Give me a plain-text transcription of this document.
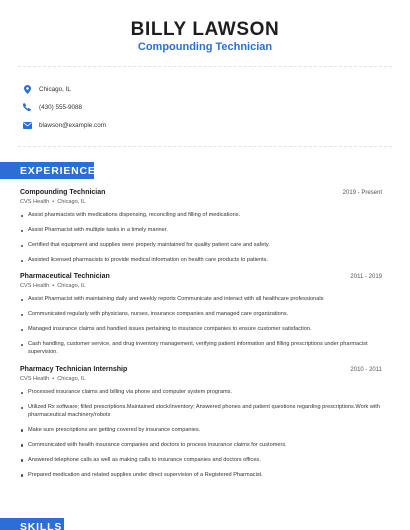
BILLY LAWSON
Compounding Technician
Chicago, IL
(430) 555-9088
blawson@example.com
EXPERIENCE
Compounding Technician	2019 - Present
CVS Health • Chicago, IL
Assist pharmacists with medications dispensing, reconciling and filling of medications.
Assist Pharmacist with multiple tasks in a timely manner.
Certified that equipment and supplies were properly maintained for quality patient care and safety.
Assisted licensed pharmacists to provide medical information on health care products to patients.
Pharmaceutical Technician	2011 - 2019
CVS Health • Chicago, IL
Assist Pharmacist with maintaining daily and weekly reports Communicate and interact with all healthcare professionals
Communicated regularly with physicians, nurses, insurance companies and managed care organizations.
Managed insurance claims and handled issues pertaining to insurance companies to ensure customer satisfaction.
Cash handling, customer service, and drug inventory management, verifying patient information and filling prescriptions under pharmacist supervision.
Pharmacy Technician Internship	2010 - 2011
CVS Health • Chicago, IL
Processed insurance claims and billing via phone and computer system programs.
Utilized Rx software; filled prescriptions.Maintained stock/inventory; Answered phones and patient questions regarding prescriptions.Work with pharmaceutical machinery/robots
Make sure prescriptions are getting covered by insurance companies.
Communicated with health insurance companies and doctors to process insurance claims for customers.
Answered telephone calls as well as making calls to insurance companies and doctors offices.
Prepared medication and related supplies under direct supervision of a Registered Pharmacist.
SKILLS
